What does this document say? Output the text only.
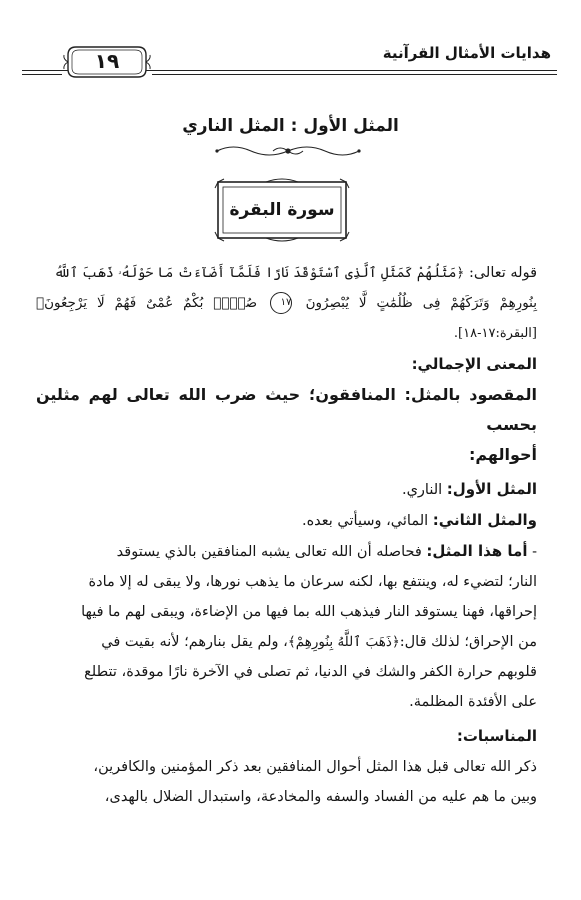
هدايات الأمثال القرآنية
١٩
المثل الأول : المثل الناري
سورة البقرة

قوله تعالى: ﴿مَثَلُهُمْ كَمَثَلِ ٱلَّذِى ٱسْتَوْقَدَ نَارًا فَلَمَّآ أَضَآءَتْ مَا حَوْلَهُۥ ذَهَبَ ٱللَّهُ
بِنُورِهِمْ وَتَرَكَهُمْ فِى ظُلُمَٰتٍ لَّا يُبْصِرُونَ ١٧ صُمٌّۢ بُكْمٌ عُمْىٌ فَهُمْ لَا يَرْجِعُونَ﴾ [البقرة:١٧-١٨].

المعنى الإجمالي:

المقصود بالمثل: المنافقون؛ حيث ضرب الله تعالى لهم مثلين بحسب
أحوالهم:

المثل الأول: الناري.

والمثل الثاني: المائي، وسيأتي بعده.

- أما هذا المثل: فحاصله أن الله تعالى يشبه المنافقين بالذي يستوقد
النار؛ لتضيء له، وينتفع بها، لكنه سرعان ما يذهب نورها، ولا يبقى له إلا مادة
إحراقها، فهنا يستوقد النار فيذهب الله بما فيها من الإضاءة، ويبقى لهم ما فيها
من الإحراق؛ لذلك قال:﴿ذَهَبَ ٱللَّهُ بِنُورِهِمْ﴾، ولم يقل بنارهم؛ لأنه بقيت في
قلوبهم حرارة الكفر والشك في الدنيا، ثم تصلى في الآخرة نارًا موقدة، تتطلع
على الأفئدة المظلمة.

المناسبات:

ذكر الله تعالى قبل هذا المثل أحوال المنافقين بعد ذكر المؤمنين والكافرين،
وبين ما هم عليه من الفساد والسفه والمخادعة، واستبدال الضلال بالهدى،
